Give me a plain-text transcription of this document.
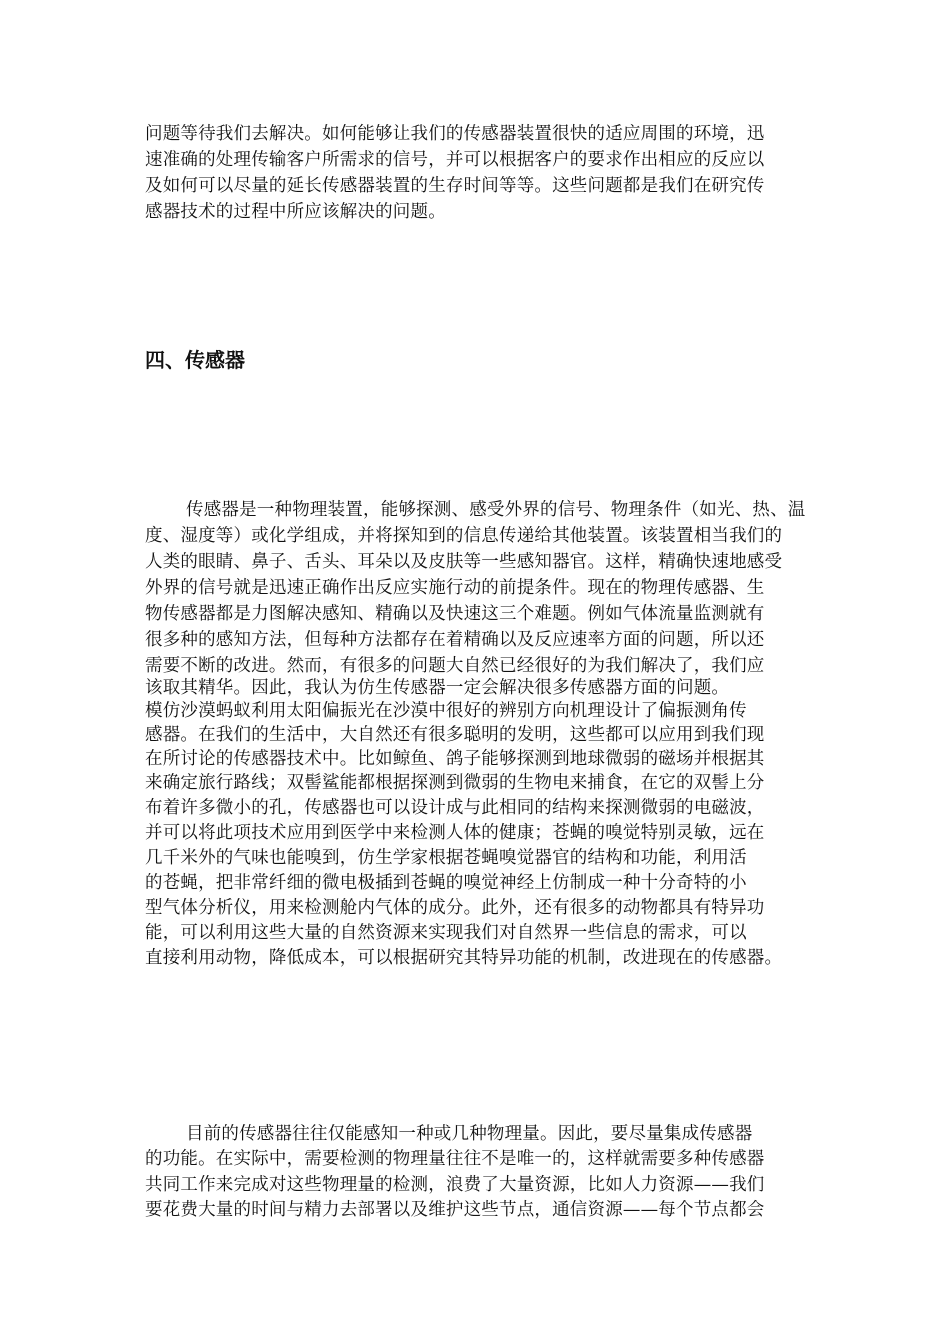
问题等待我们去解决。如何能够让我们的传感器装置很快的适应周围的环境，迅
速准确的处理传输客户所需求的信号，并可以根据客户的要求作出相应的反应以
及如何可以尽量的延长传感器装置的生存时间等等。这些问题都是我们在研究传
感器技术的过程中所应该解决的问题。
四、传感器
传感器是一种物理装置，能够探测、感受外界的信号、物理条件（如光、热、温
度、湿度等）或化学组成，并将探知到的信息传递给其他装置。该装置相当我们的
人类的眼睛、鼻子、舌头、耳朵以及皮肤等一些感知器官。这样，精确快速地感受
外界的信号就是迅速正确作出反应实施行动的前提条件。现在的物理传感器、生
物传感器都是力图解决感知、精确以及快速这三个难题。例如气体流量监测就有
很多种的感知方法，但每种方法都存在着精确以及反应速率方面的问题，所以还
需要不断的改进。然而，有很多的问题大自然已经很好的为我们解决了，我们应
该取其精华。因此，我认为仿生传感器一定会解决很多传感器方面的问题。
模仿沙漠蚂蚁利用太阳偏振光在沙漠中很好的辨别方向机理设计了偏振测角传
感器。在我们的生活中，大自然还有很多聪明的发明，这些都可以应用到我们现
在所讨论的传感器技术中。比如鲸鱼、鸽子能够探测到地球微弱的磁场并根据其
来确定旅行路线；双髻鲨能都根据探测到微弱的生物电来捕食，在它的双髻上分
布着许多微小的孔，传感器也可以设计成与此相同的结构来探测微弱的电磁波，
并可以将此项技术应用到医学中来检测人体的健康；苍蝇的嗅觉特别灵敏，远在
几千米外的气味也能嗅到，仿生学家根据苍蝇嗅觉器官的结构和功能，利用活
的苍蝇，把非常纤细的微电极插到苍蝇的嗅觉神经上仿制成一种十分奇特的小
型气体分析仪，用来检测舱内气体的成分。此外，还有很多的动物都具有特异功
能，可以利用这些大量的自然资源来实现我们对自然界一些信息的需求，可以
直接利用动物，降低成本，可以根据研究其特异功能的机制，改进现在的传感器。
目前的传感器往往仅能感知一种或几种物理量。因此，要尽量集成传感器
的功能。在实际中，需要检测的物理量往往不是唯一的，这样就需要多种传感器
共同工作来完成对这些物理量的检测，浪费了大量资源，比如人力资源——我们
要花费大量的时间与精力去部署以及维护这些节点，通信资源——每个节点都会
